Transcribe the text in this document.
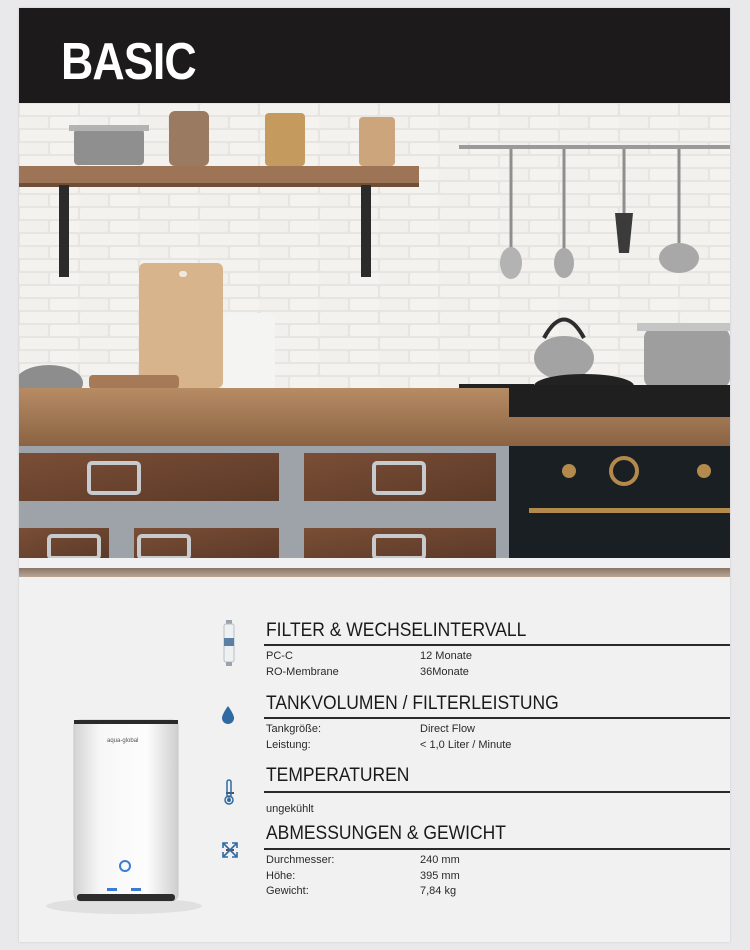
BASIC
aqua-global
FILTER & WECHSELINTERVALL
PC-C	12 Monate
RO-Membrane	36Monate
TANKVOLUMEN / FILTERLEISTUNG
Tankgröße:	Direct Flow
Leistung:	< 1,0 Liter / Minute
TEMPERATUREN
ungekühlt
ABMESSUNGEN & GEWICHT
Durchmesser:	240 mm
Höhe:	395 mm
Gewicht:	7,84 kg
